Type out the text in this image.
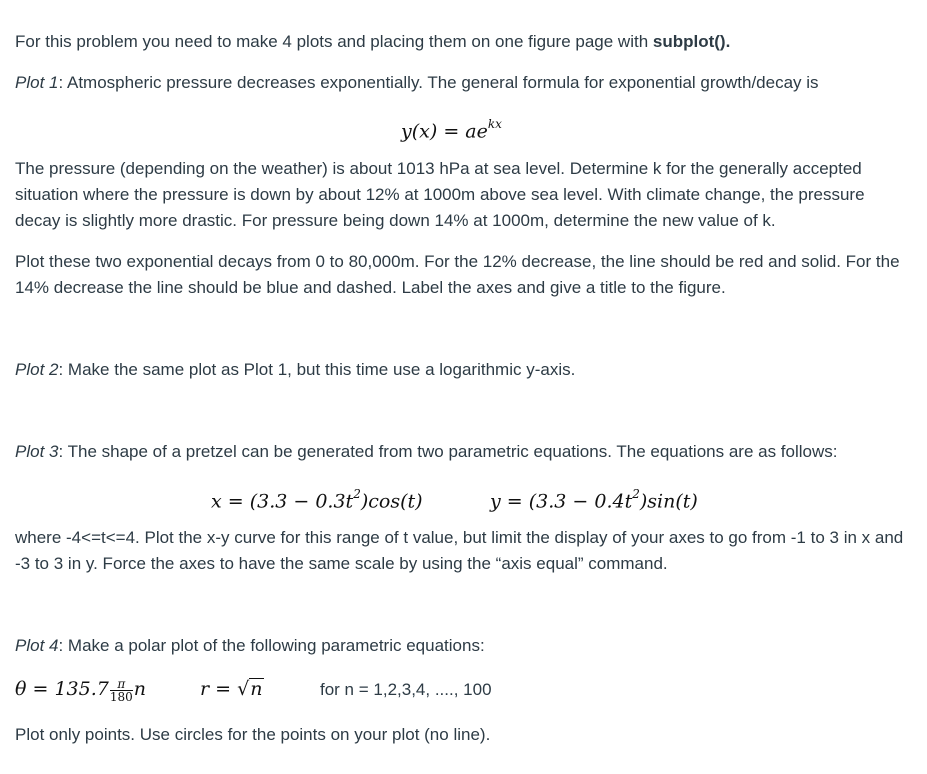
For this problem you need to make 4 plots and placing them on one figure page with subplot().
Plot 1: Atmospheric pressure decreases exponentially. The general formula for exponential growth/decay is
$y(x) = ae^{kx}$
The pressure (depending on the weather) is about 1013 hPa at sea level. Determine k for the generally accepted situation where the pressure is down by about 12% at 1000m above sea level. With climate change, the pressure decay is slightly more drastic. For pressure being down 14% at 1000m, determine the new value of k.
Plot these two exponential decays from 0 to 80,000m. For the 12% decrease, the line should be red and solid. For the 14% decrease the line should be blue and dashed. Label the axes and give a title to the figure.
Plot 2: Make the same plot as Plot 1, but this time use a logarithmic y-axis.
Plot 3: The shape of a pretzel can be generated from two parametric equations. The equations are as follows:
$x = (3.3 - 0.3t^2)\cos(t)$	$y = (3.3 - 0.4t^2)\sin(t)$
where -4<=t<=4. Plot the x-y curve for this range of t value, but limit the display of your axes to go from -1 to 3 in x and -3 to 3 in y. Force the axes to have the same scale by using the “axis equal” command.
Plot 4: Make a polar plot of the following parametric equations:
$\theta = 135.7 \frac{\pi}{180}$ n	r = √n	for n = 1,2,3,4, ...., 100
Plot only points. Use circles for the points on your plot (no line).
